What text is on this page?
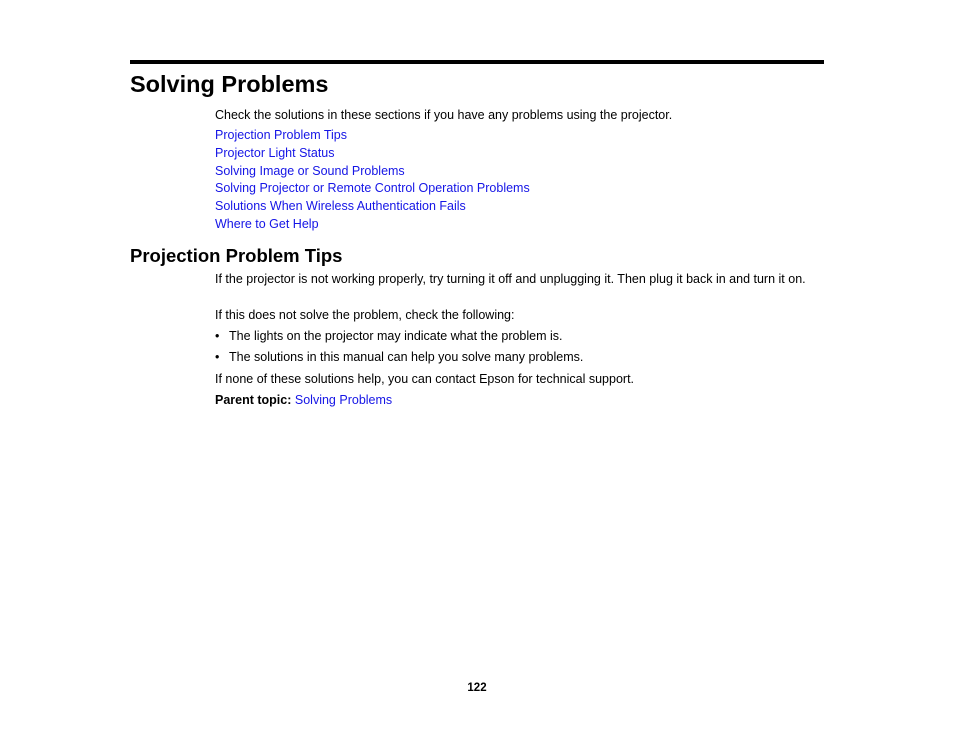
Solving Problems

Check the solutions in these sections if you have any problems using the projector.

Projection Problem Tips
Projector Light Status
Solving Image or Sound Problems
Solving Projector or Remote Control Operation Problems
Solutions When Wireless Authentication Fails
Where to Get Help
Projection Problem Tips

If the projector is not working properly, try turning it off and unplugging it. Then plug it back in and turn it on.

If this does not solve the problem, check the following:

• The lights on the projector may indicate what the problem is.
• The solutions in this manual can help you solve many problems.

If none of these solutions help, you can contact Epson for technical support.

Parent topic: Solving Problems

122
